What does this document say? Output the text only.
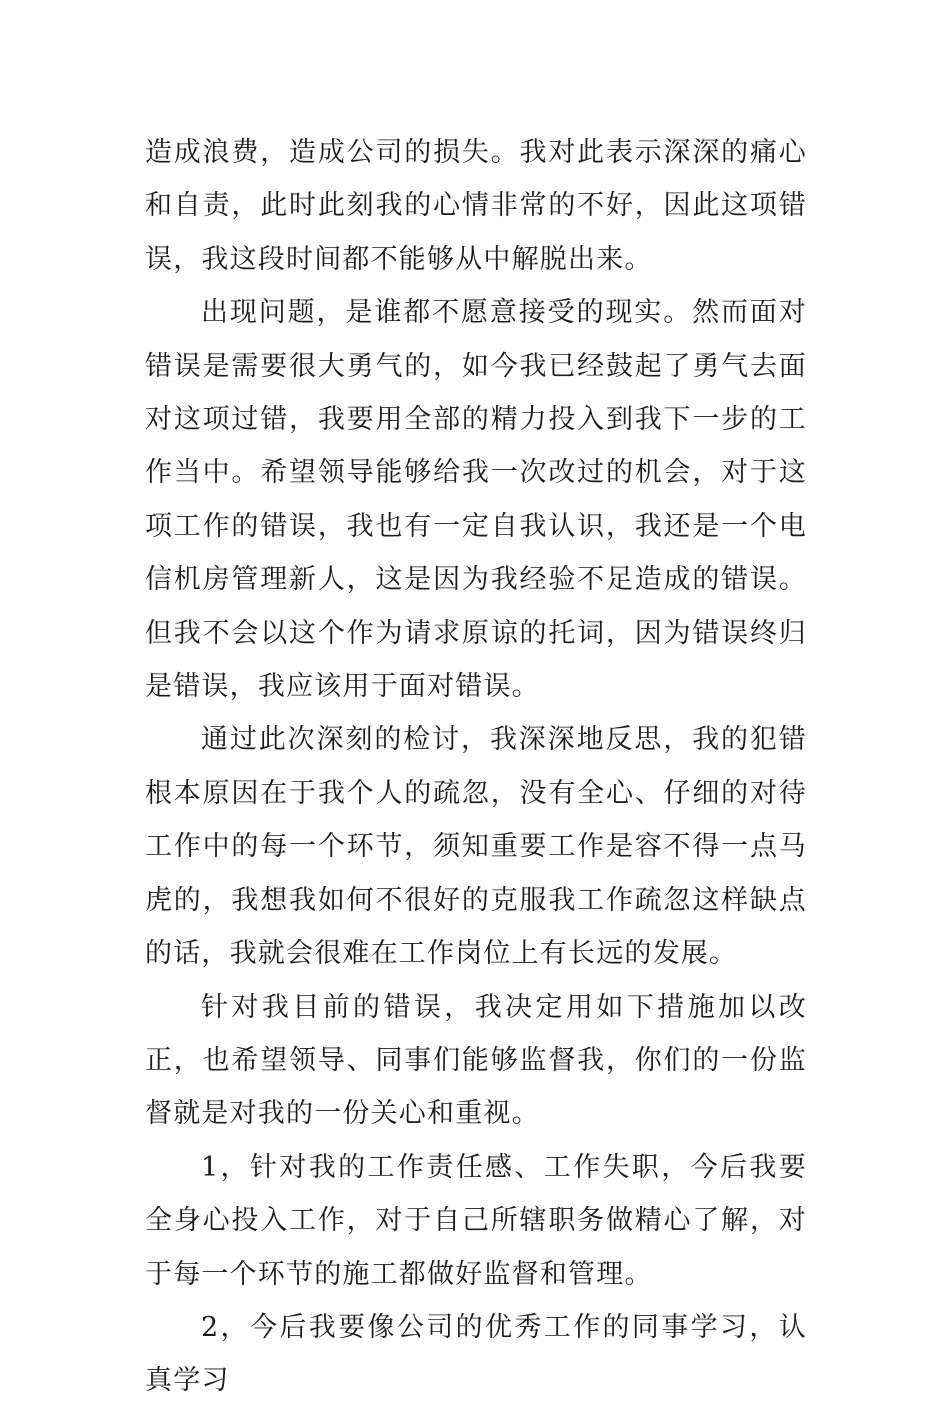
造成浪费，造成公司的损失。我对此表示深深的痛心和自责，此时此刻我的心情非常的不好，因此这项错误，我这段时间都不能够从中解脱出来。

出现问题，是谁都不愿意接受的现实。然而面对错误是需要很大勇气的，如今我已经鼓起了勇气去面对这项过错，我要用全部的精力投入到我下一步的工作当中。希望领导能够给我一次改过的机会，对于这项工作的错误，我也有一定自我认识，我还是一个电信机房管理新人，这是因为我经验不足造成的错误。但我不会以这个作为请求原谅的托词，因为错误终归是错误，我应该用于面对错误。

通过此次深刻的检讨，我深深地反思，我的犯错根本原因在于我个人的疏忽，没有全心、仔细的对待工作中的每一个环节，须知重要工作是容不得一点马虎的，我想我如何不很好的克服我工作疏忽这样缺点的话，我就会很难在工作岗位上有长远的发展。

针对我目前的错误，我决定用如下措施加以改正，也希望领导、同事们能够监督我，你们的一份监督就是对我的一份关心和重视。

1，针对我的工作责任感、工作失职，今后我要全身心投入工作，对于自己所辖职务做精心了解，对于每一个环节的施工都做好监督和管理。

2，今后我要像公司的优秀工作的同事学习，认真学习
